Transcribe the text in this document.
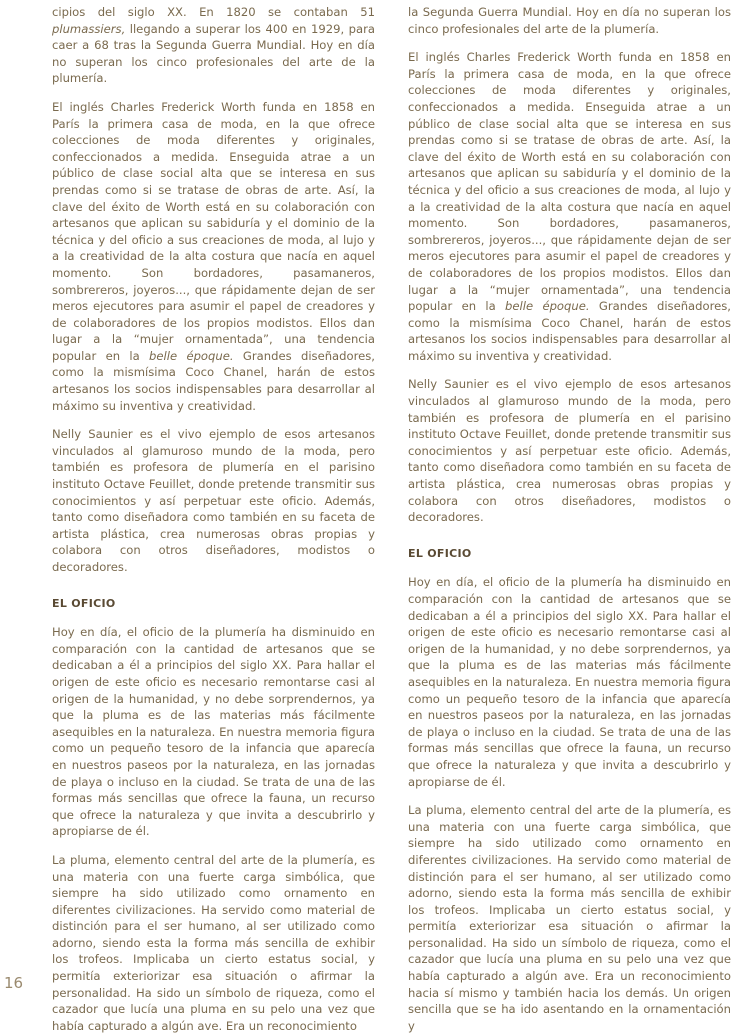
cipios del siglo XX. En 1820 se contaban 51 plumassiers, llegando a superar los 400 en 1929, para caer a 68 tras la Segunda Guerra Mundial. Hoy en día no superan los cinco profesionales del arte de la plumería.

El inglés Charles Frederick Worth funda en 1858 en París la primera casa de moda, en la que ofrece colecciones de moda diferentes y originales, confeccionados a medida. Enseguida atrae a un público de clase social alta que se interesa en sus prendas como si se tratase de obras de arte. Así, la clave del éxito de Worth está en su colaboración con artesanos que aplican su sabiduría y el dominio de la técnica y del oficio a sus creaciones de moda, al lujo y a la creatividad de la alta costura que nacía en aquel momento. Son bordadores, pasamaneros, sombrereros, joyeros..., que rápidamente dejan de ser meros ejecutores para asumir el papel de creadores y de colaboradores de los propios modistos. Ellos dan lugar a la “mujer ornamentada”, una tendencia popular en la belle époque. Grandes diseñadores, como la mismísima Coco Chanel, harán de estos artesanos los socios indispensables para desarrollar al máximo su inventiva y creatividad.

Nelly Saunier es el vivo ejemplo de esos artesanos vinculados al glamuroso mundo de la moda, pero también es profesora de plumería en el parisino instituto Octave Feuillet, donde pretende transmitir sus conocimientos y así perpetuar este oficio. Además, tanto como diseñadora como también en su faceta de artista plástica, crea numerosas obras propias y colabora con otros diseñadores, modistos o decoradores.

EL OFICIO

Hoy en día, el oficio de la plumería ha disminuido en comparación con la cantidad de artesanos que se dedicaban a él a principios del siglo XX. Para hallar el origen de este oficio es necesario remontarse casi al origen de la humanidad, y no debe sorprendernos, ya que la pluma es de las materias más fácilmente asequibles en la naturaleza. En nuestra memoria figura como un pequeño tesoro de la infancia que aparecía en nuestros paseos por la naturaleza, en las jornadas de playa o incluso en la ciudad. Se trata de una de las formas más sencillas que ofrece la fauna, un recurso que ofrece la naturaleza y que invita a descubrirlo y apropiarse de él.

La pluma, elemento central del arte de la plumería, es una materia con una fuerte carga simbólica, que siempre ha sido utilizado como ornamento en diferentes civilizaciones. Ha servido como material de distinción para el ser humano, al ser utilizado como adorno, siendo esta la forma más sencilla de exhibir los trofeos. Implicaba un cierto estatus social, y permitía exteriorizar esa situación o afirmar la personalidad. Ha sido un símbolo de riqueza, como el cazador que lucía una pluma en su pelo una vez que había capturado a algún ave. Era un reconocimiento

la Segunda Guerra Mundial. Hoy en día no superan los cinco profesionales del arte de la plumería.

El inglés Charles Frederick Worth funda en 1858 en París la primera casa de moda, en la que ofrece colecciones de moda diferentes y originales, confeccionados a medida. Enseguida atrae a un público de clase social alta que se interesa en sus prendas como si se tratase de obras de arte. Así, la clave del éxito de Worth está en su colaboración con artesanos que aplican su sabiduría y el dominio de la técnica y del oficio a sus creaciones de moda, al lujo y a la creatividad de la alta costura que nacía en aquel momento. Son bordadores, pasamaneros, sombrereros, joyeros..., que rápidamente dejan de ser meros ejecutores para asumir el papel de creadores y de colaboradores de los propios modistos. Ellos dan lugar a la “mujer ornamentada”, una tendencia popular en la belle époque. Grandes diseñadores, como la mismísima Coco Chanel, harán de estos artesanos los socios indispensables para desarrollar al máximo su inventiva y creatividad.

Nelly Saunier es el vivo ejemplo de esos artesanos vinculados al glamuroso mundo de la moda, pero también es profesora de plumería en el parisino instituto Octave Feuillet, donde pretende transmitir sus conocimientos y así perpetuar este oficio. Además, tanto como diseñadora como también en su faceta de artista plástica, crea numerosas obras propias y colabora con otros diseñadores, modistos o decoradores.

EL OFICIO

Hoy en día, el oficio de la plumería ha disminuido en comparación con la cantidad de artesanos que se dedicaban a él a principios del siglo XX. Para hallar el origen de este oficio es necesario remontarse casi al origen de la humanidad, y no debe sorprendernos, ya que la pluma es de las materias más fácilmente asequibles en la naturaleza. En nuestra memoria figura como un pequeño tesoro de la infancia que aparecía en nuestros paseos por la naturaleza, en las jornadas de playa o incluso en la ciudad. Se trata de una de las formas más sencillas que ofrece la fauna, un recurso que ofrece la naturaleza y que invita a descubrirlo y apropiarse de él.

La pluma, elemento central del arte de la plumería, es una materia con una fuerte carga simbólica, que siempre ha sido utilizado como ornamento en diferentes civilizaciones. Ha servido como material de distinción para el ser humano, al ser utilizado como adorno, siendo esta la forma más sencilla de exhibir los trofeos. Implicaba un cierto estatus social, y permitía exteriorizar esa situación o afirmar la personalidad. Ha sido un símbolo de riqueza, como el cazador que lucía una pluma en su pelo una vez que había capturado a algún ave. Era un reconocimiento hacia sí mismo y también hacia los demás. Un origen sencilla que se ha ido asentando en la ornamentación y

16
